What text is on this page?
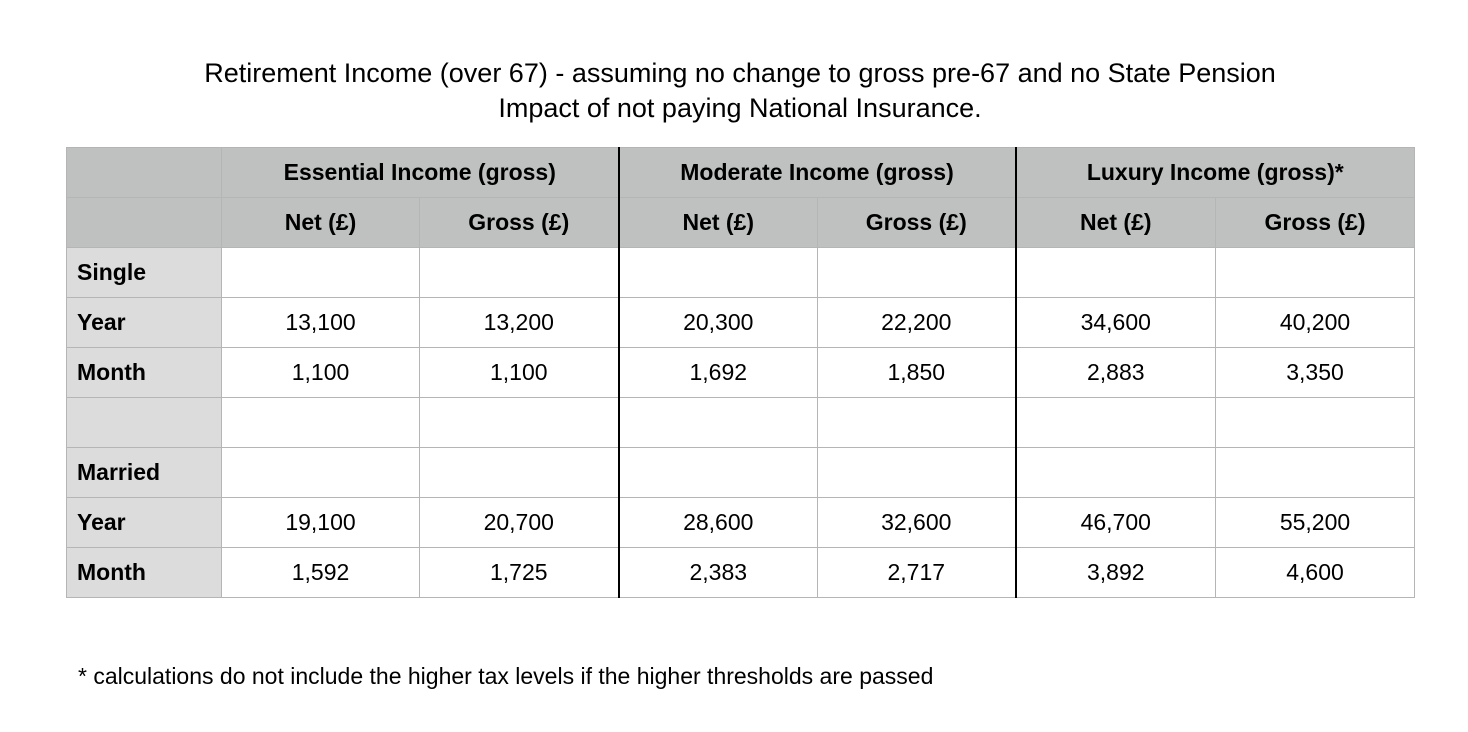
Retirement Income (over 67) - assuming no change to gross pre-67 and no State Pension
Impact of not paying National Insurance.
	Essential Income (gross)		Moderate Income (gross)		Luxury Income (gross)*	
	Net (£)	Gross (£)	Net (£)	Gross (£)	Net (£)	Gross (£)
Single						
Year	13,100	13,200	20,300	22,200	34,600	40,200
Month	1,100	1,100	1,692	1,850	2,883	3,350

Married						
Year	19,100	20,700	28,600	32,600	46,700	55,200
Month	1,592	1,725	2,383	2,717	3,892	4,600
* calculations do not include the higher tax levels if the higher thresholds are passed
